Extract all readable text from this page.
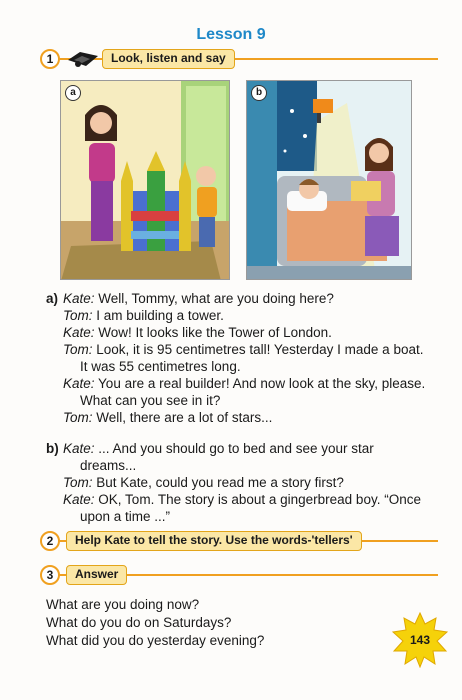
Lesson 9
1	Look, listen and say
a	b
a) Kate: Well, Tommy, what are you doing here?
Tom: I am building a tower.
Kate: Wow! It looks like the Tower of London.
Tom: Look, it is 95 centimetres tall! Yesterday I made a boat.
It was 55 centimetres long.
Kate: You are a real builder! And now look at the sky, please.
What can you see in it?
Tom: Well, there are a lot of stars...
b) Kate: ... And you should go to bed and see your star
dreams...
Tom: But Kate, could you read me a story first?
Kate: OK, Tom. The story is about a gingerbread boy. “Once
upon a time ...”
2	Help Kate to tell the story. Use the words-'tellers'
3	Answer
What are you doing now?
What do you do on Saturdays?
What did you do yesterday evening?	143
